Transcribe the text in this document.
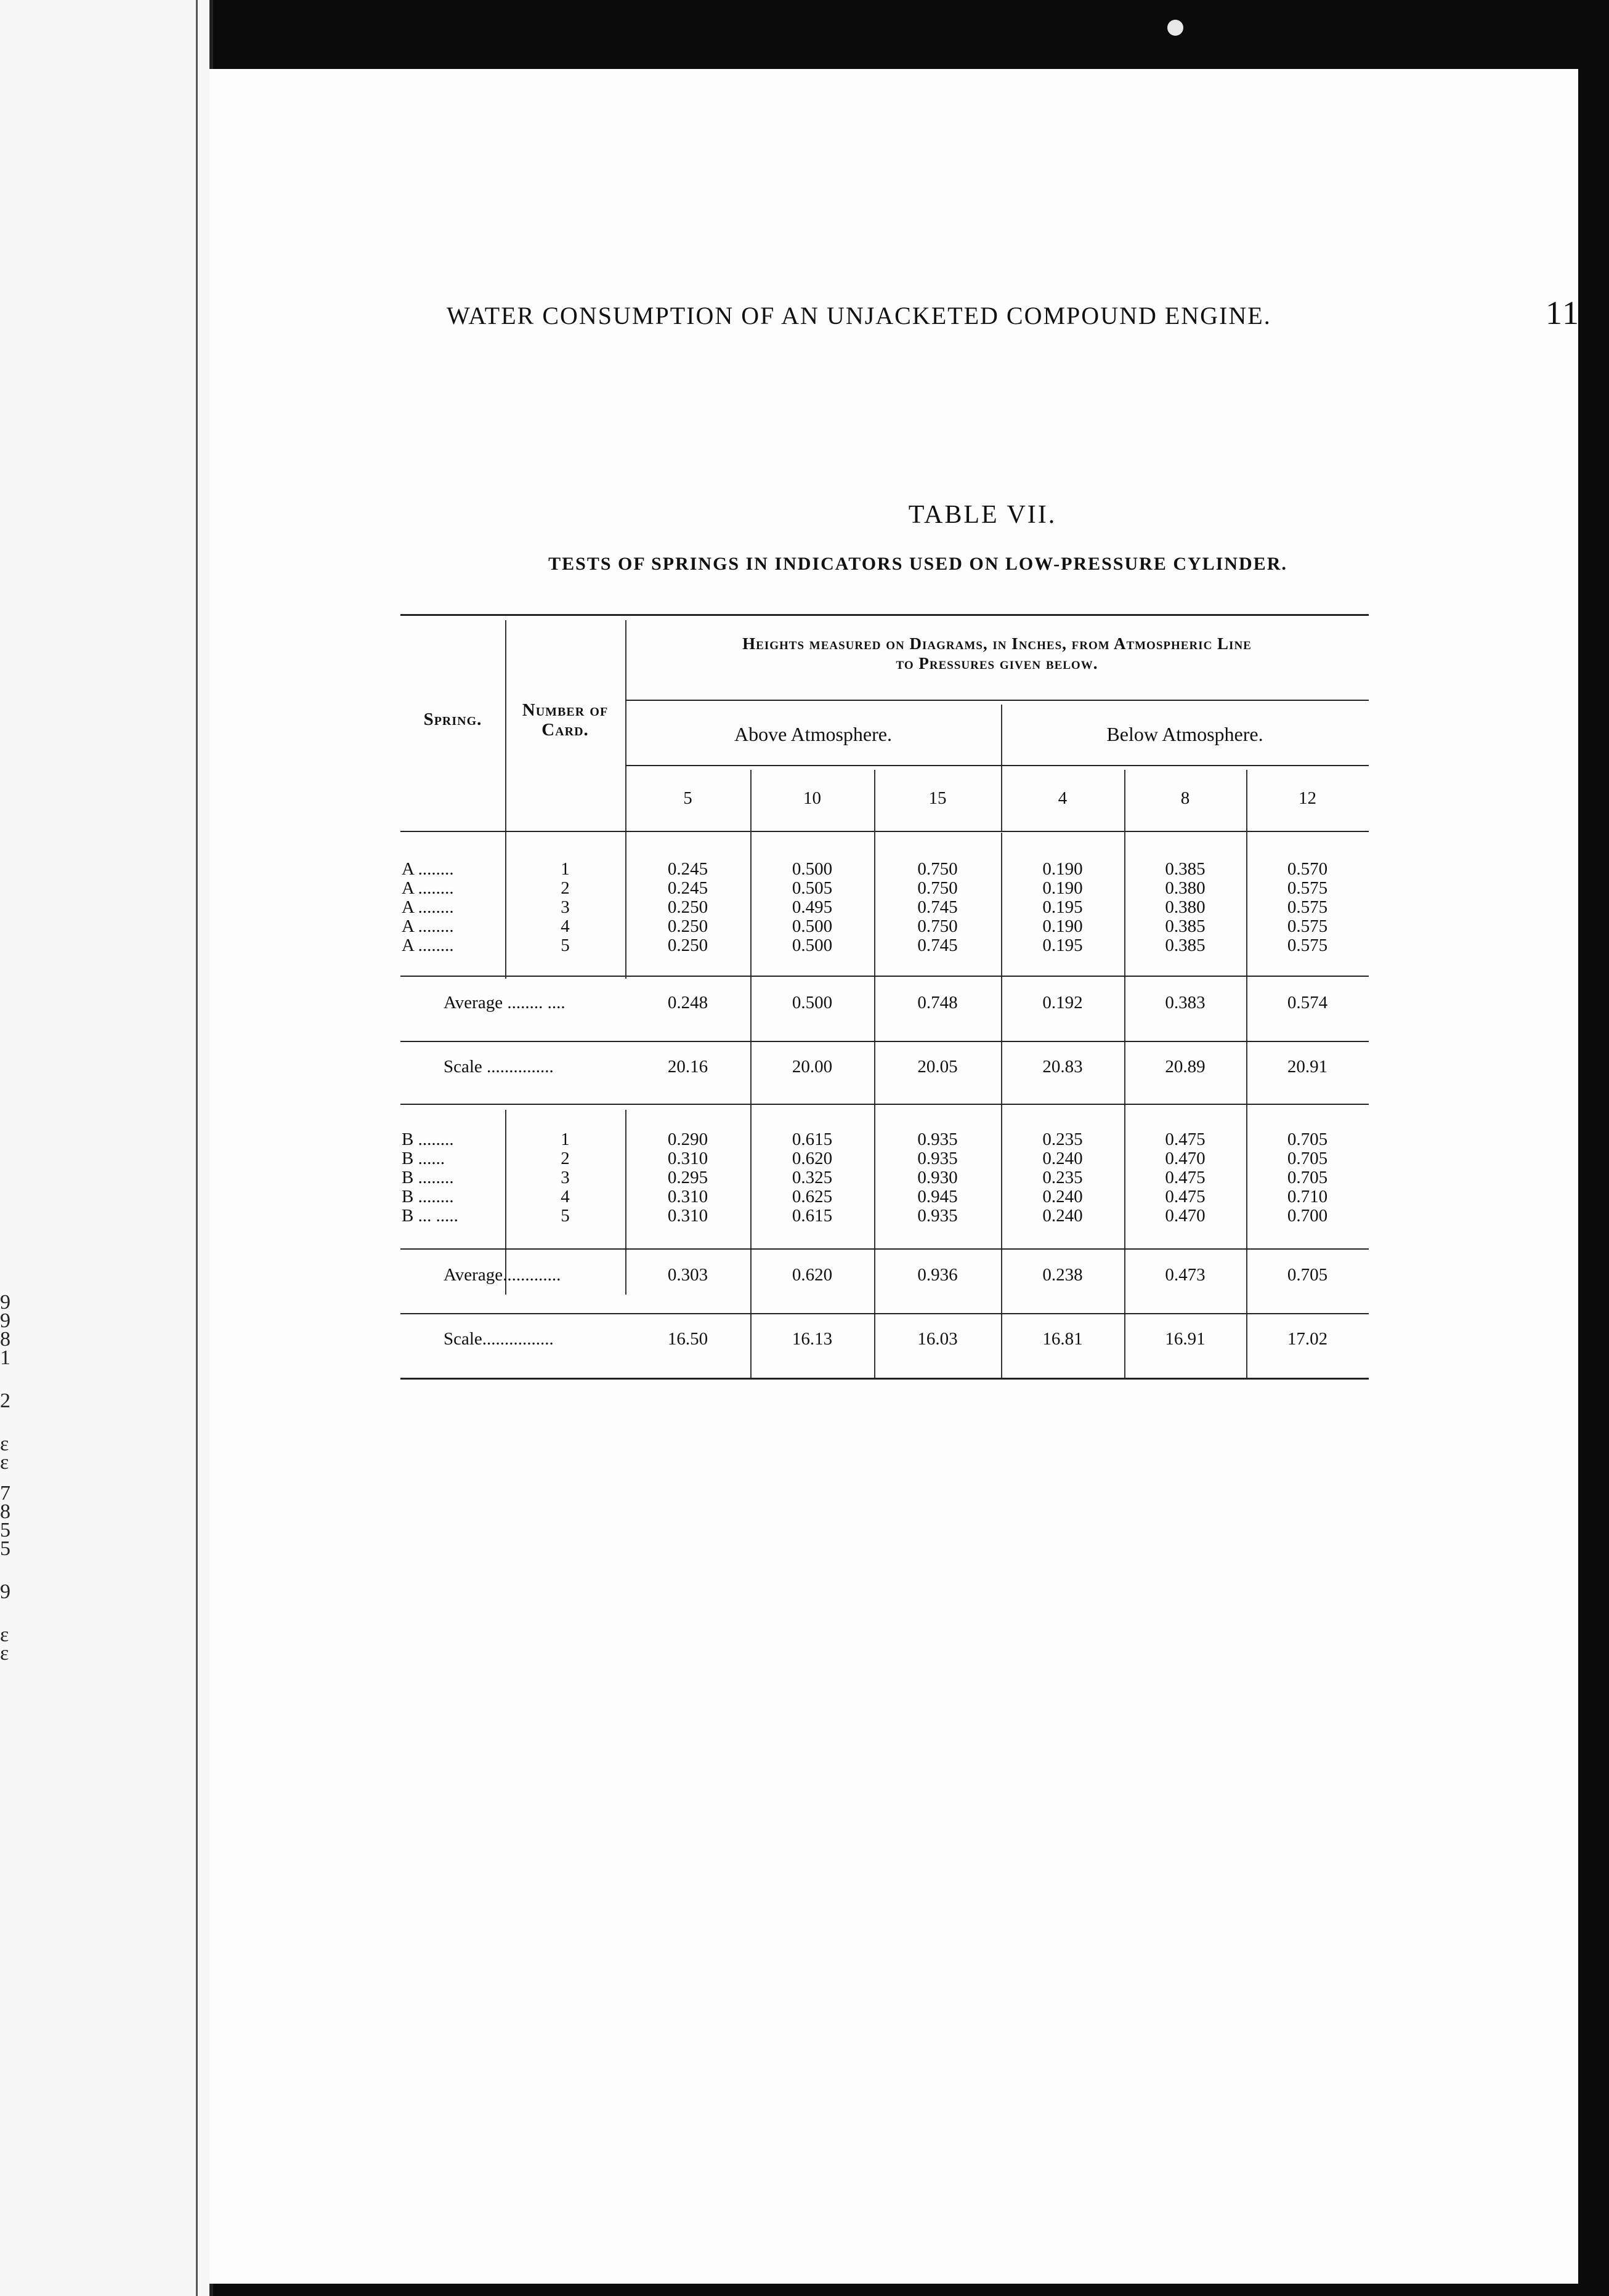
9
9
8
1
2
ɛ
ɛ
7
8
5
5
9
ɛ
ɛ
WATER CONSUMPTION OF AN UNJACKETED COMPOUND ENGINE.	11
TABLE VII.
TESTS OF SPRINGS IN INDICATORS USED ON LOW-PRESSURE CYLINDER.
Spring.	Number of
Card.
Heights measured on Diagrams, in Inches, from Atmospheric Line
to Pressures given below.
Above Atmosphere.	Below Atmosphere.
5	10	15	4	8	12
A ........	1	0.245	0.500	0.750	0.190	0.385	0.570
A ........	2	0.245	0.505	0.750	0.190	0.380	0.575
A ........	3	0.250	0.495	0.745	0.195	0.380	0.575
A ........	4	0.250	0.500	0.750	0.190	0.385	0.575
A ........	5	0.250	0.500	0.745	0.195	0.385	0.575
Average ........ ....	0.248	0.500	0.748	0.192	0.383	0.574
Scale ...............	20.16	20.00	20.05	20.83	20.89	20.91
B ........	1	0.290	0.615	0.935	0.235	0.475	0.705
B ......	2	0.310	0.620	0.935	0.240	0.470	0.705
B ........	3	0.295	0.325	0.930	0.235	0.475	0.705
B ........	4	0.310	0.625	0.945	0.240	0.475	0.710
B ... .....	5	0.310	0.615	0.935	0.240	0.470	0.700
Average.............	0.303	0.620	0.936	0.238	0.473	0.705
Scale................	16.50	16.13	16.03	16.81	16.91	17.02
